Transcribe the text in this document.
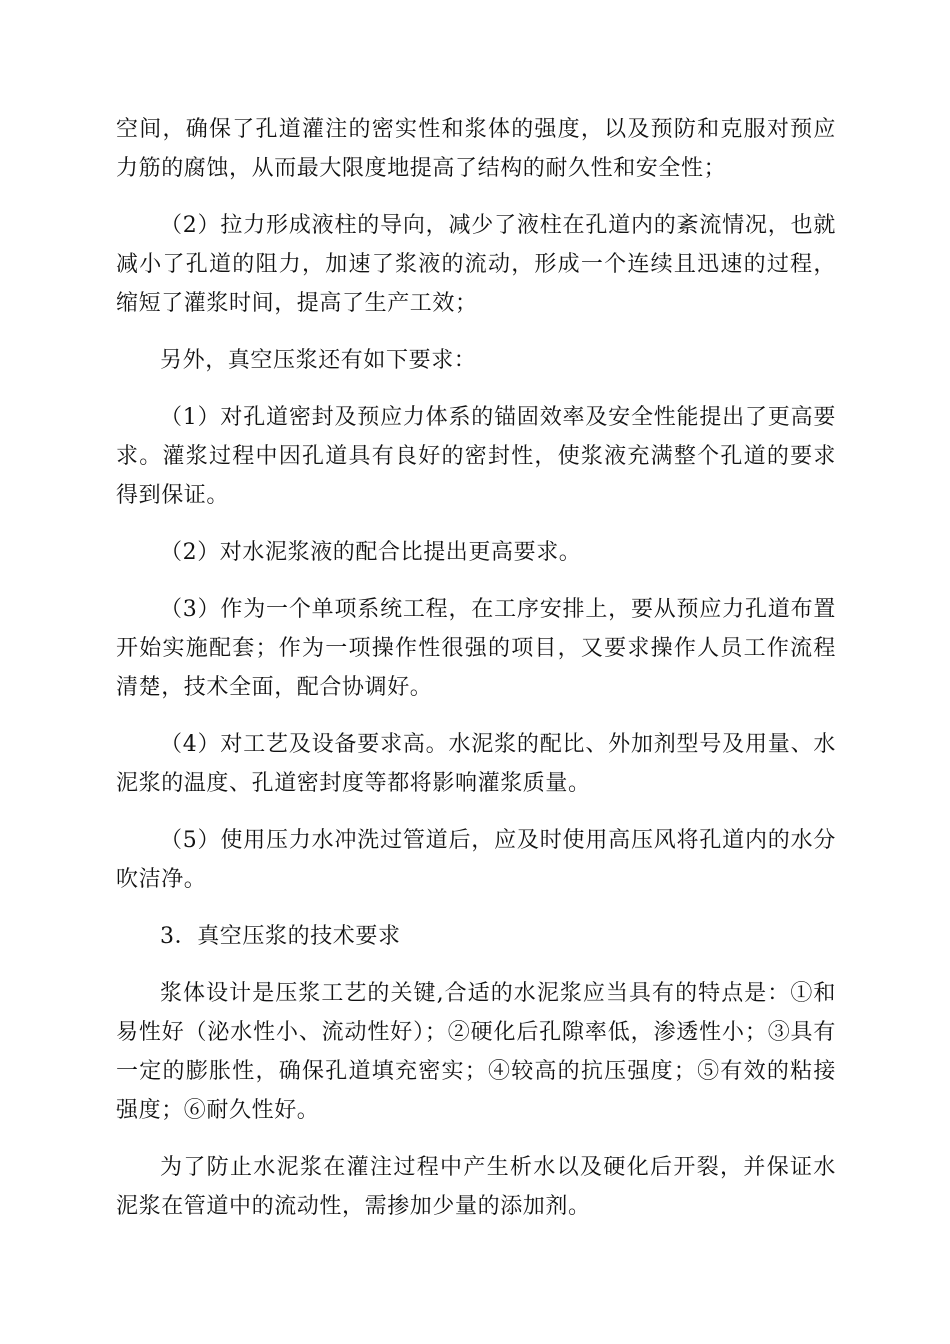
空间，确保了孔道灌注的密实性和浆体的强度，以及预防和克服对预应力筋的腐蚀，从而最大限度地提高了结构的耐久性和安全性；

（2）拉力形成液柱的导向，减少了液柱在孔道内的紊流情况，也就减小了孔道的阻力，加速了浆液的流动，形成一个连续且迅速的过程，缩短了灌浆时间，提高了生产工效；

另外，真空压浆还有如下要求：

（1）对孔道密封及预应力体系的锚固效率及安全性能提出了更高要求。灌浆过程中因孔道具有良好的密封性，使浆液充满整个孔道的要求得到保证。

（2）对水泥浆液的配合比提出更高要求。

（3）作为一个单项系统工程，在工序安排上，要从预应力孔道布置开始实施配套；作为一项操作性很强的项目，又要求操作人员工作流程清楚，技术全面，配合协调好。

（4）对工艺及设备要求高。水泥浆的配比、外加剂型号及用量、水泥浆的温度、孔道密封度等都将影响灌浆质量。

（5）使用压力水冲洗过管道后，应及时使用高压风将孔道内的水分吹洁净。

3．真空压浆的技术要求

浆体设计是压浆工艺的关键,合适的水泥浆应当具有的特点是：①和易性好（泌水性小、流动性好）；②硬化后孔隙率低，渗透性小；③具有一定的膨胀性，确保孔道填充密实；④较高的抗压强度；⑤有效的粘接强度；⑥耐久性好。

为了防止水泥浆在灌注过程中产生析水以及硬化后开裂，并保证水泥浆在管道中的流动性，需掺加少量的添加剂。
